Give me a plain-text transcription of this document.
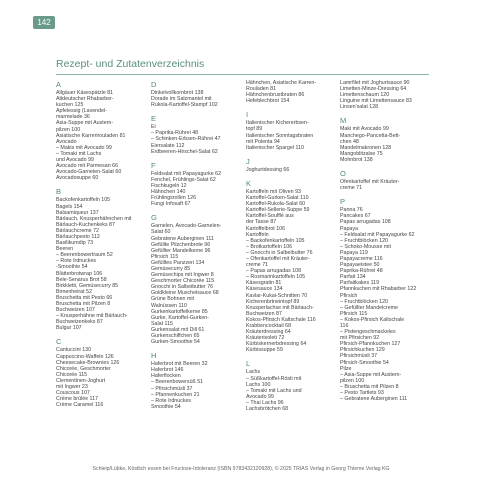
142
Rezept- und Zutatenverzeichnis
A
Allgäuer Käsespätzle 81
Altdeutscher Rhabarber-
kuchen 125
Apfelessig (Lavendel-
marmelade 36
Asia-Suppe mit Austern-
pilzen 100
Asiatische Karrerirouladen 81
Avocado
– Makis mit Avocado 99
– Tomaki mit Lachs
und Avocado 99
Avocado mit Parmesan 66
Avocado-Garnelen-Salat 60
Avocadosuppe 60
B
Backofenkartoffeln 105
Bagels 154
Balsamiqueur 137
Bärlauch, Knusperhähnchen mit
Bärlauch-Kuchenkeks 87
Bärlauchcreme 72
Bärlauchpesto 112
Basilikumdip 73
Beeren
– Beerenbowertraum 52
– Rote Irdnuckes
-Smoothie 54
Blätterbrotwrap 106
Bele-Senarus Brot 58
Birkkletti, Gemüsecurry 85
Birnenheirat 52
Bruschetta mit Pesto 66
Bruschetta mit Pilzen 8
Buchweizen 107
– Knusperhähne mit Bärlauch-
Buchweizenkeks 87
Bulgur 107
C
Cantuccini 130
Cappuccino-Waffeln 126
Cheesecake-Brownies 126
Chicorée, Geschmorter
Chicorée 115
Clementinen-Joghurt
mit Ingwer 23
Couscous 107
Crème brûlée 117
Crème Caramel 116
D
Dinkelvollkornbrot 138
Dorade im Salzmantel mit
Rukola-Kartoffel-Stampf 102
E
Ei
– Paprika-Rührei 48
– Schinken-Erbsen-Rührei 47
Eiersalate 112
Erdbeeren-Hirschel-Salat 62
F
Feldsalat mit Papayagurke 62
Fenchel, Frühlings-Salat 62
Fischkugeln 12
Hähnchen 140
Frühlingsrollen 126
Fungi Infosaft 67
G
Garnelen, Avocado-Garnelen-
Salat 60
Gebratene Auberginen 111
Gefüllte Pilzchenbrote 96
Gefüllter Mandelkerne 96
Pfirsich 115
Gefülltes Panzzeri 134
Gemüsecurry 85
Gemüsechips mit Ingwer 8
Geschmorter Chicorée 115
Gnocchi in Salbeibutter 76
Goldkleine Muschelsauce 68
Grüne Bohnen mit
Walnüssen 110
Gurkenkartoffelkerne 85
Gurke, Kartoffel-Gurken-
Salat 115
Gurkensalat mit Dill 61
Gurkenschiffchen 65
Gurken-Smoothie 54
H
Haferbrot mit Beeren 32
Haferbrot 146
Haferflocken
– Beerenbowersüß 51
– Pfirsichmüsli 37
– Pfannenkuchen 21
– Rote Irdnuckes
Smoothie 54
Hähnchen, Asiatische Karren-
Rouladen 81
Hähnchenbrustbraten 86
Hefeblechbrot 154
I
Italienischer Kichererbsen-
topf 89
Italienischer Sonntagsbraten
mit Polenta 94
Italienischer Spargel 110
J
Joghurtdessing 66
K
Kartoffeln mit Oliven 93
Kartoffel-Gurken-Salat 110
Kartoffel-Rukola-Salat 60
Kartoffel-Sellerie-Suppe 59
Kartoffel-Soufflé aus
der Tasse 87
Kartoffelbrot 106
Kartoffeln
– Backofenkartoffeln 105
– Brotkartoffeln 106
– Gnocchi in Salbeibutter 76
– Ofenkartoffel mit Kräuter-
creme 71
– Papas arrugadas 108
– Rosmarinkartoffeln 105
Käsesgratin 81
Käsesauce 134
Kavlar-Kukai-Schnitten 70
Kicherenbrtneintopf 89
Knusperlachse mit Bärlauch-
Buchweizen 87
Kokos-Pfirsich Kaltschale 116
Krabbencocktail 68
Kräuterdressing 64
Kräuterisoleti 72
Kürbiskernerbdressing 64
Kürbissuppe 59
L
Lachs
– Süßkartoffel-Rösti mit
Lachs 100
– Tomaki mit Lachs und
Avocado 99
– Thai Lachs 96
Lachsbrötchen 68
Lamrfilet mit Joghurtsauce 90
Limetten-Minze-Dressing 64
Limettenschaum 120
Linguine mit Limettensauce 83
Linsen'salat 128
M
Maki mit Avocado 99
Manchego-Pancetta-Bett-
chen 48
Mandelmakronen 128
Mangoblitzalse 75
Mohnbrot 138
O
Ofenkartoffel mit Kräuter-
creme 71
P
Panna 76
Pancakes 67
Papas arrugadas 108
Papaya
– Feldsalat mit Papayagurke 62
– Fruchtblöcken 120
– Schoko-Mousse mit
Papaya 119
Papayacreme 116
Papayaeistee 50
Paprika-Rührei 48
Parfait 134
Parfaitkakes 119
Pfannkuchen mit Rhabarber 122
Pfirsich
– Fruchtblöcken 120
– Gefüllter Mandelcreme
Pfirsich 115
– Kokos-Pfirsich Kaltschale
116
– Pistengeschmackeles
mit Pfirsichen 92
Pfirsich-Pfannkuchen 127
Pfirsichkuchen 129
Pfirsichmüsli 37
Pfirsich-Smoothie 54
Pilze
– Asia-Suppe mit Austern-
pilzen 100
– Bruschetta mit Pilzen 8
– Pesto Tartlets 93
– Gebratene Auberginen 111
Schleip/Lübke, Köstlich essen bei Fructose-Intoleranz (ISBN 9783432120928), © 2025 TRIAS Verlag in Georg Thieme Verlag KG
